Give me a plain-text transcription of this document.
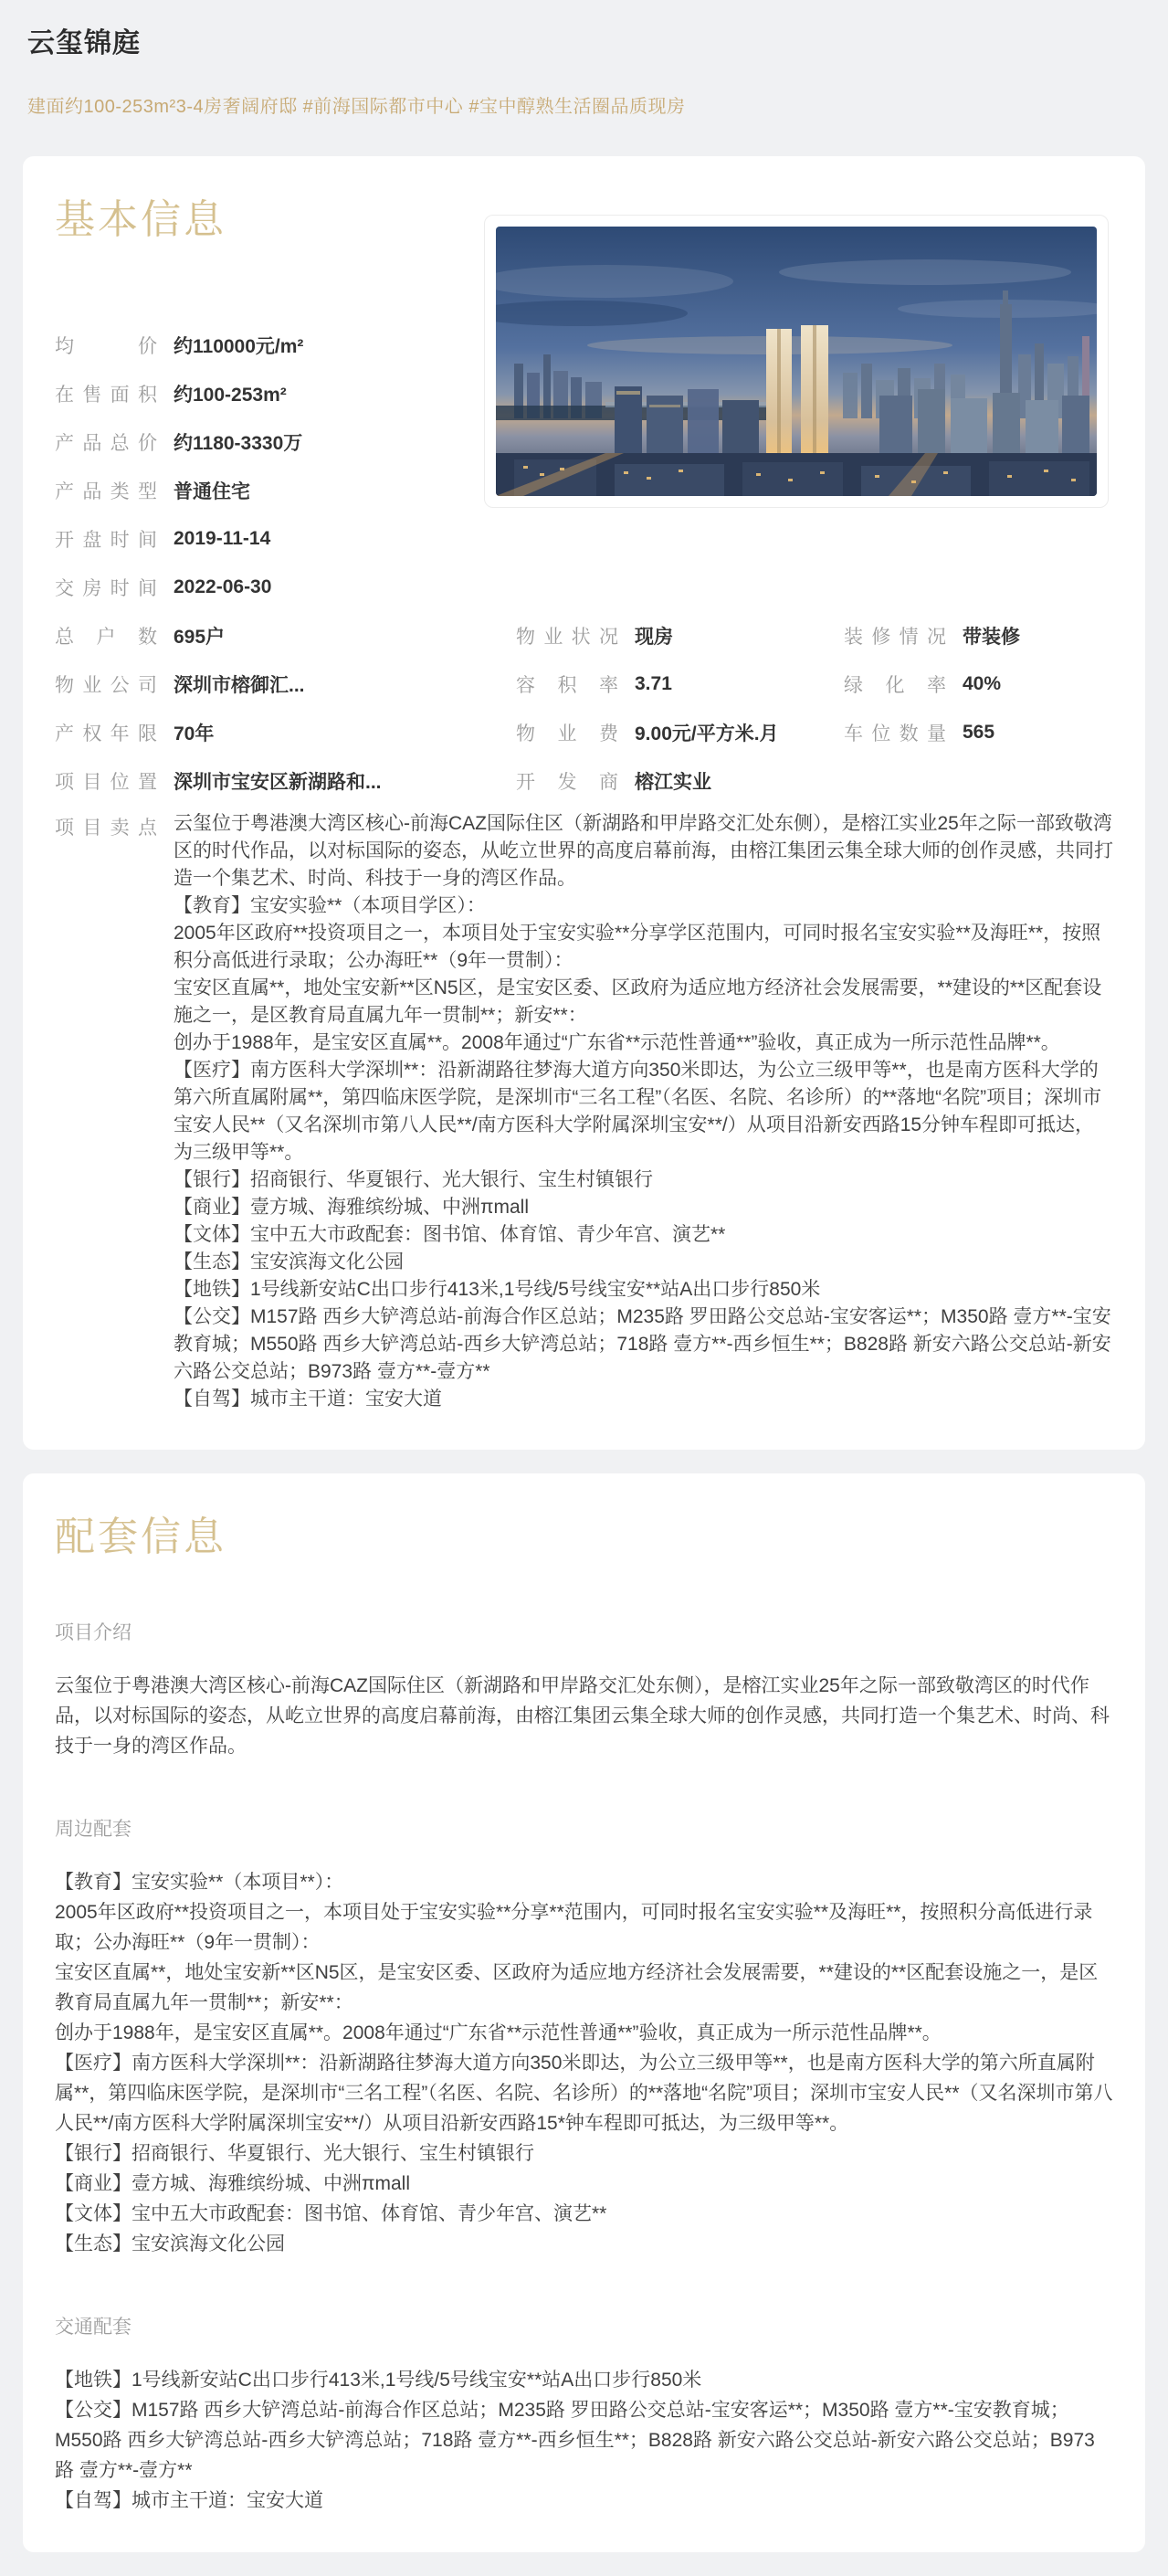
云玺锦庭

建面约100-253m²3-4房奢阔府邸 #前海国际都市中心 #宝中醇熟生活圈品质现房

基本信息
均价 约110000元/m²
在售面积 约100-253m²
产品总价 约1180-3330万
产品类型 普通住宅
开盘时间 2019-11-14
交房时间 2022-06-30
总户数 695户
物业公司 深圳市榕御汇...
产权年限 70年
项目位置 深圳市宝安区新湖路和...
物业状况 现房
容积率 3.71
物业费 9.00元/平方米.月
开发商 榕江实业
装修情况 带装修
绿化率 40%
车位数量 565
项目卖点 云玺位于粤港澳大湾区核心-前海CAZ国际住区（新湖路和甲岸路交汇处东侧），是榕江实业25年之际一部致敬湾区的时代作品，以对标国际的姿态，从屹立世界的高度启幕前海，由榕江集团云集全球大师的创作灵感，共同打造一个集艺术、时尚、科技于一身的湾区作品。

【教育】宝安实验**（本项目学区）：

2005年区政府**投资项目之一，本项目处于宝安实验**分享学区范围内，可同时报名宝安实验**及海旺**，按照积分高低进行录取；公办海旺**（9年一贯制）：

宝安区直属**，地处宝安新**区N5区，是宝安区委、区政府为适应地方经济社会发展需要，**建设的**区配套设施之一，是区教育局直属九年一贯制**；新安**：

创办于1988年，是宝安区直属**。2008年通过“广东省**示范性普通**”验收，真正成为一所示范性品牌**。

【医疗】南方医科大学深圳**：沿新湖路往梦海大道方向350米即达，为公立三级甲等**，也是南方医科大学的第六所直属附属**，第四临床医学院，是深圳市“三名工程”（名医、名院、名诊所）的**落地“名院”项目；深圳市宝安人民**（又名深圳市第八人民**/南方医科大学附属深圳宝安**/）从项目沿新安西路15分钟车程即可抵达，为三级甲等**。

【银行】招商银行、华夏银行、光大银行、宝生村镇银行

【商业】壹方城、海雅缤纷城、中洲πmall

【文体】宝中五大市政配套：图书馆、体育馆、青少年宫、演艺**

【生态】宝安滨海文化公园

【地铁】1号线新安站C出口步行413米,1号线/5号线宝安**站A出口步行850米

【公交】M157路 西乡大铲湾总站-前海合作区总站；M235路 罗田路公交总站-宝安客运**；M350路 壹方**-宝安教育城；M550路 西乡大铲湾总站-西乡大铲湾总站；718路 壹方**-西乡恒生**；B828路 新安六路公交总站-新安六路公交总站；B973路 壹方**-壹方**

【自驾】城市主干道：宝安大道

配套信息
项目介绍

云玺位于粤港澳大湾区核心-前海CAZ国际住区（新湖路和甲岸路交汇处东侧），是榕江实业25年之际一部致敬湾区的时代作品，以对标国际的姿态，从屹立世界的高度启幕前海，由榕江集团云集全球大师的创作灵感，共同打造一个集艺术、时尚、科技于一身的湾区作品。

周边配套

【教育】宝安实验**（本项目**）：

2005年区政府**投资项目之一，本项目处于宝安实验**分享**范围内，可同时报名宝安实验**及海旺**，按照积分高低进行录取；公办海旺**（9年一贯制）：

宝安区直属**，地处宝安新**区N5区，是宝安区委、区政府为适应地方经济社会发展需要，**建设的**区配套设施之一，是区教育局直属九年一贯制**；新安**：

创办于1988年，是宝安区直属**。2008年通过“广东省**示范性普通**”验收，真正成为一所示范性品牌**。

【医疗】南方医科大学深圳**：沿新湖路往梦海大道方向350米即达，为公立三级甲等**，也是南方医科大学的第六所直属附属**，第四临床医学院，是深圳市“三名工程”（名医、名院、名诊所）的**落地“名院”项目；深圳市宝安人民**（又名深圳市第八人民**/南方医科大学附属深圳宝安**/）从项目沿新安西路15*钟车程即可抵达，为三级甲等**。

【银行】招商银行、华夏银行、光大银行、宝生村镇银行

【商业】壹方城、海雅缤纷城、中洲πmall

【文体】宝中五大市政配套：图书馆、体育馆、青少年宫、演艺**

【生态】宝安滨海文化公园

交通配套

【地铁】1号线新安站C出口步行413米,1号线/5号线宝安**站A出口步行850米

【公交】M157路 西乡大铲湾总站-前海合作区总站；M235路 罗田路公交总站-宝安客运**；M350路 壹方**-宝安教育城；M550路 西乡大铲湾总站-西乡大铲湾总站；718路 壹方**-西乡恒生**；B828路 新安六路公交总站-新安六路公交总站；B973路 壹方**-壹方**

【自驾】城市主干道：宝安大道
